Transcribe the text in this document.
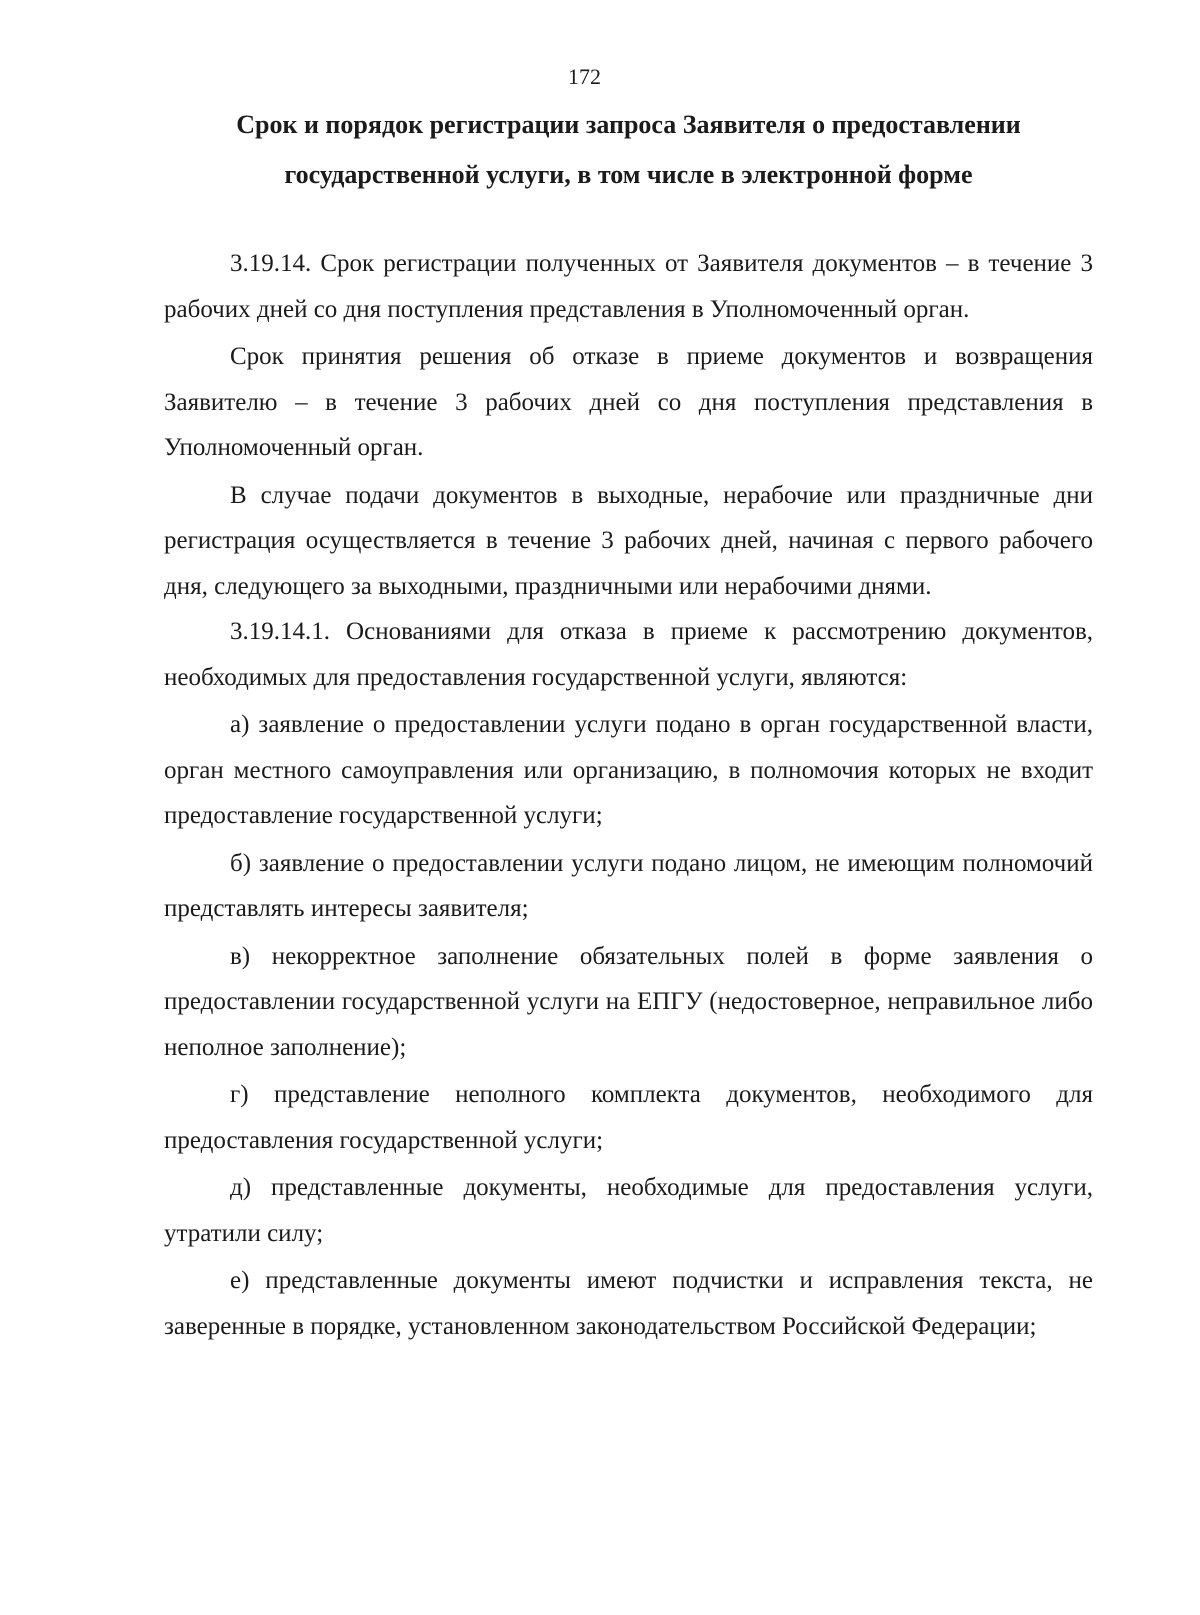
172
Срок и порядок регистрации запроса Заявителя о предоставлении
государственной услуги, в том числе в электронной форме

3.19.14. Срок регистрации полученных от Заявителя документов – в течение 3 рабочих дней со дня поступления представления в Уполномоченный орган.

Срок принятия решения об отказе в приеме документов и возвращения Заявителю – в течение 3 рабочих дней со дня поступления представления в Уполномоченный орган.

В случае подачи документов в выходные, нерабочие или праздничные дни регистрация осуществляется в течение 3 рабочих дней, начиная с первого рабочего дня, следующего за выходными, праздничными или нерабочими днями.

3.19.14.1. Основаниями для отказа в приеме к рассмотрению документов, необходимых для предоставления государственной услуги, являются:

а) заявление о предоставлении услуги подано в орган государственной власти, орган местного самоуправления или организацию, в полномочия которых не входит предоставление государственной услуги;

б) заявление о предоставлении услуги подано лицом, не имеющим полномочий представлять интересы заявителя;

в) некорректное заполнение обязательных полей в форме заявления о предоставлении государственной услуги на ЕПГУ (недостоверное, неправильное либо неполное заполнение);

г) представление неполного комплекта документов, необходимого для предоставления государственной услуги;

д) представленные документы, необходимые для предоставления услуги, утратили силу;

е) представленные документы имеют подчистки и исправления текста, не заверенные в порядке, установленном законодательством Российской Федерации;
